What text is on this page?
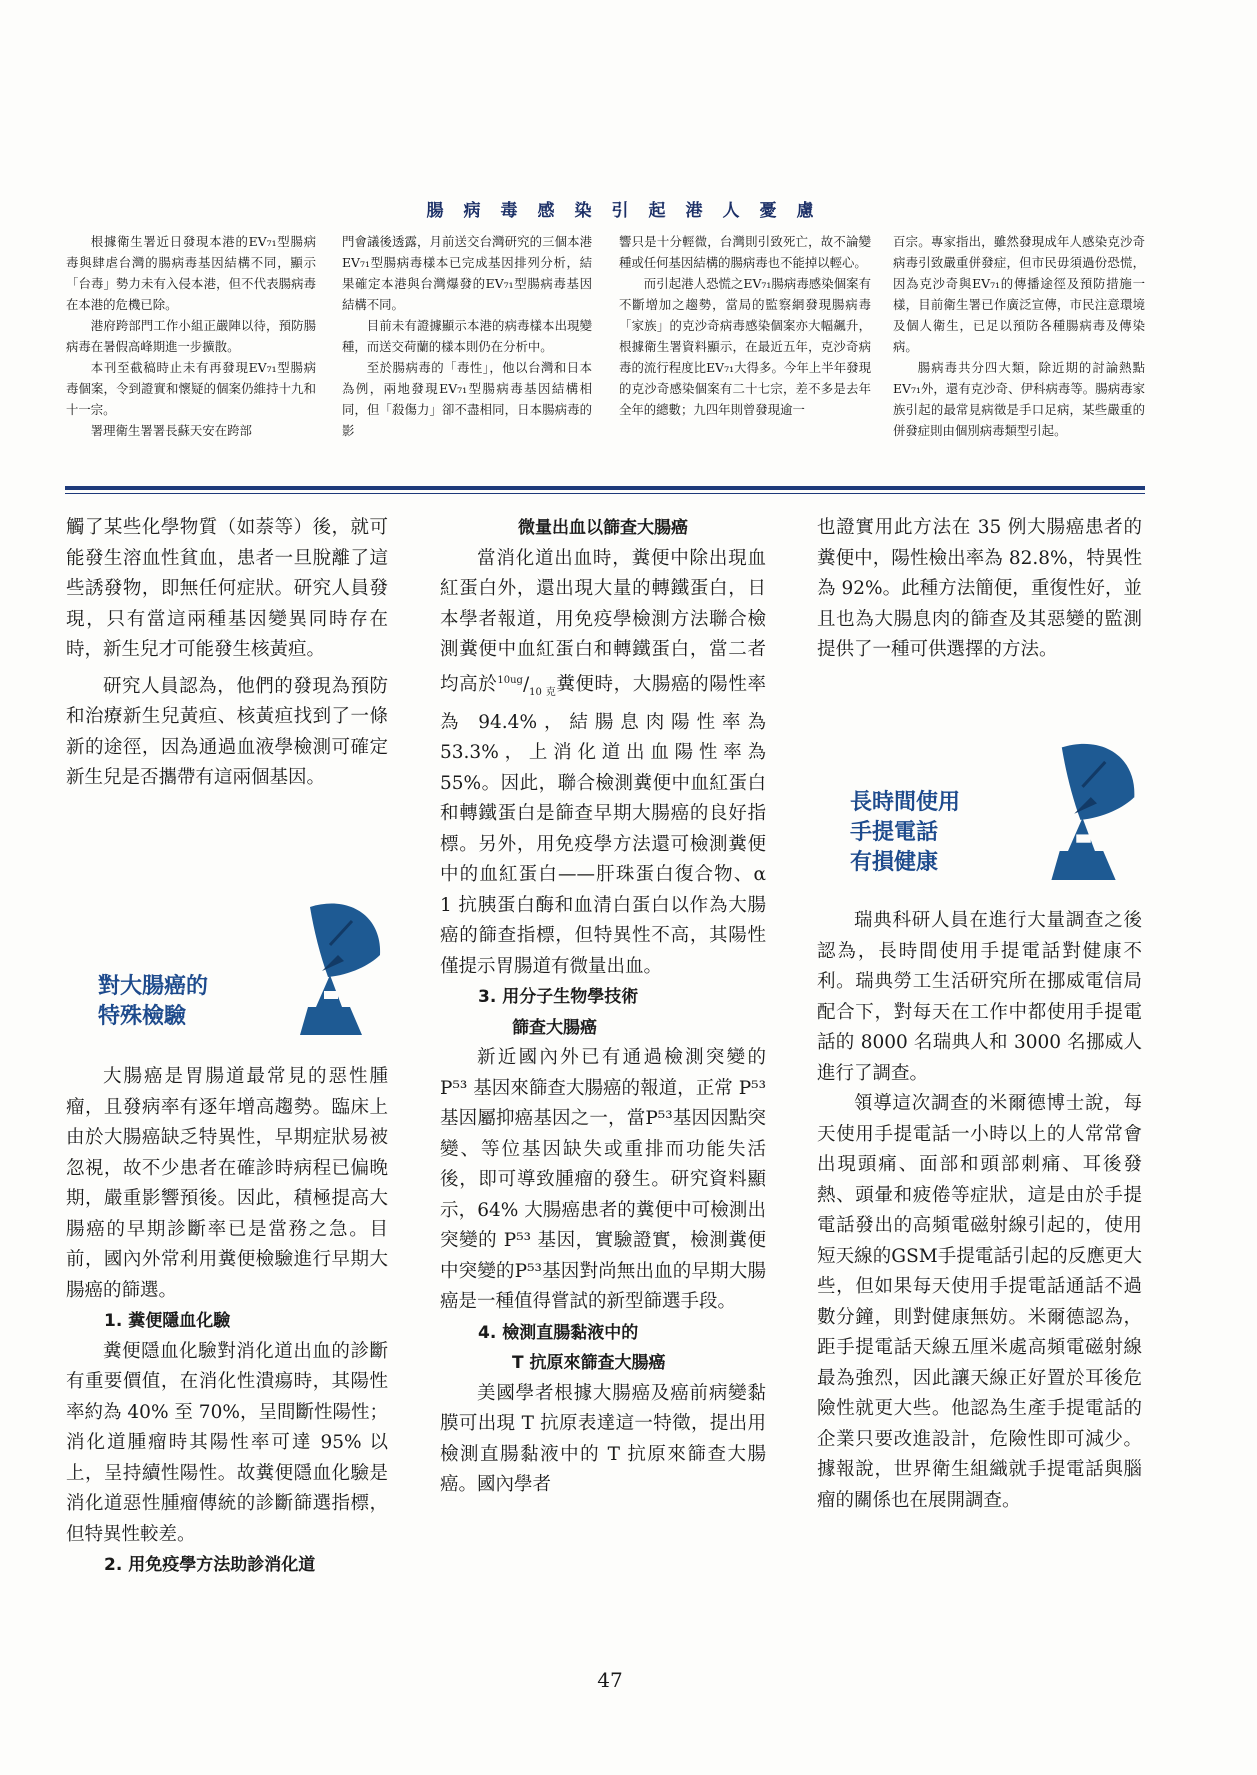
腸病毒感染引起港人憂慮

根據衛生署近日發現本港的EV₇₁型腸病毒與肆虐台灣的腸病毒基因結構不同，顯示「台毒」勢力未有入侵本港，但不代表腸病毒在本港的危機已除。

港府跨部門工作小組正嚴陣以待，預防腸病毒在暑假高峰期進一步擴散。

本刊至截稿時止未有再發現EV₇₁型腸病毒個案，令到證實和懷疑的個案仍維持十九和十一宗。

署理衛生署署長蘇天安在跨部

門會議後透露，月前送交台灣研究的三個本港EV₇₁型腸病毒樣本已完成基因排列分析，結果確定本港與台灣爆發的EV₇₁型腸病毒基因結構不同。

目前未有證據顯示本港的病毒樣本出現變種，而送交荷蘭的樣本則仍在分析中。

至於腸病毒的「毒性」，他以台灣和日本為例，兩地發現EV₇₁型腸病毒基因結構相同，但「殺傷力」卻不盡相同，日本腸病毒的影

響只是十分輕微，台灣則引致死亡，故不論變種或任何基因結構的腸病毒也不能掉以輕心。

而引起港人恐慌之EV₇₁腸病毒感染個案有不斷增加之趨勢，當局的監察網發現腸病毒「家族」的克沙奇病毒感染個案亦大幅飆升，根據衛生署資料顯示，在最近五年，克沙奇病毒的流行程度比EV₇₁大得多。今年上半年發現的克沙奇感染個案有二十七宗，差不多是去年全年的總數；九四年則曾發現逾一

百宗。專家指出，雖然發現成年人感染克沙奇病毒引致嚴重併發症，但市民毋須過份恐慌，因為克沙奇與EV₇₁的傳播途徑及預防措施一樣，目前衛生署已作廣泛宣傳，市民注意環境及個人衛生，已足以預防各種腸病毒及傳染病。

腸病毒共分四大類，除近期的討論熱點EV₇₁外，還有克沙奇、伊科病毒等。腸病毒家族引起的最常見病徵是手口足病，某些嚴重的併發症則由個別病毒類型引起。

觸了某些化學物質（如萘等）後，就可能發生溶血性貧血，患者一旦脫離了這些誘發物，即無任何症狀。研究人員發現，只有當這兩種基因變異同時存在時，新生兒才可能發生核黃疸。

研究人員認為，他們的發現為預防和治療新生兒黃疸、核黃疸找到了一條新的途徑，因為通過血液學檢測可確定新生兒是否攜帶有這兩個基因。

對大腸癌的
特殊檢驗

大腸癌是胃腸道最常見的惡性腫瘤，且發病率有逐年增高趨勢。臨床上由於大腸癌缺乏特異性，早期症狀易被忽視，故不少患者在確診時病程已偏晚期，嚴重影響預後。因此，積極提高大腸癌的早期診斷率已是當務之急。目前，國內外常利用糞便檢驗進行早期大腸癌的篩選。

1. 糞便隱血化驗

糞便隱血化驗對消化道出血的診斷有重要價值，在消化性潰瘍時，其陽性率約為 40% 至 70%，呈間斷性陽性；消化道腫瘤時其陽性率可達 95% 以上，呈持續性陽性。故糞便隱血化驗是消化道惡性腫瘤傳統的診斷篩選指標，但特異性較差。

2. 用免疫學方法助診消化道
微量出血以篩查大腸癌

當消化道出血時，糞便中除出現血紅蛋白外，還出現大量的轉鐵蛋白，日本學者報道，用免疫學檢測方法聯合檢測糞便中血紅蛋白和轉鐵蛋白，當二者均高於$^{10ug}/_{10 克}$糞便時，大腸癌的陽性率為 94.4%，結腸息肉陽性率為 53.3%，上消化道出血陽性率為 55%。因此，聯合檢測糞便中血紅蛋白和轉鐵蛋白是篩查早期大腸癌的良好指標。另外，用免疫學方法還可檢測糞便中的血紅蛋白——肝珠蛋白復合物、α 1 抗胰蛋白酶和血清白蛋白以作為大腸癌的篩查指標，但特異性不高，其陽性僅提示胃腸道有微量出血。

3. 用分子生物學技術
篩查大腸癌

新近國內外已有通過檢測突變的 P⁵³ 基因來篩查大腸癌的報道，正常 P⁵³ 基因屬抑癌基因之一，當P⁵³基因因點突變、等位基因缺失或重排而功能失活後，即可導致腫瘤的發生。研究資料顯示，64% 大腸癌患者的糞便中可檢測出突變的 P⁵³ 基因，實驗證實，檢測糞便中突變的P⁵³基因對尚無出血的早期大腸癌是一種值得嘗試的新型篩選手段。

4. 檢測直腸黏液中的
T 抗原來篩查大腸癌

美國學者根據大腸癌及癌前病變黏膜可出現 T 抗原表達這一特徵，提出用檢測直腸黏液中的 T 抗原來篩查大腸癌。國內學者

也證實用此方法在 35 例大腸癌患者的糞便中，陽性檢出率為 82.8%，特異性為 92%。此種方法簡便，重復性好，並且也為大腸息肉的篩查及其惡變的監測提供了一種可供選擇的方法。

長時間使用
手提電話
有損健康

瑞典科研人員在進行大量調查之後認為，長時間使用手提電話對健康不利。瑞典勞工生活研究所在挪威電信局配合下，對每天在工作中都使用手提電話的 8000 名瑞典人和 3000 名挪威人進行了調查。

領導這次調查的米爾德博士說，每天使用手提電話一小時以上的人常常會出現頭痛、面部和頭部刺痛、耳後發熱、頭暈和疲倦等症狀，這是由於手提電話發出的高頻電磁射線引起的，使用短天線的GSM手提電話引起的反應更大些，但如果每天使用手提電話通話不過數分鐘，則對健康無妨。米爾德認為，距手提電話天線五厘米處高頻電磁射線最為強烈，因此讓天線正好置於耳後危險性就更大些。他認為生產手提電話的企業只要改進設計，危險性即可減少。據報說，世界衛生組織就手提電話與腦瘤的關係也在展開調查。

47
